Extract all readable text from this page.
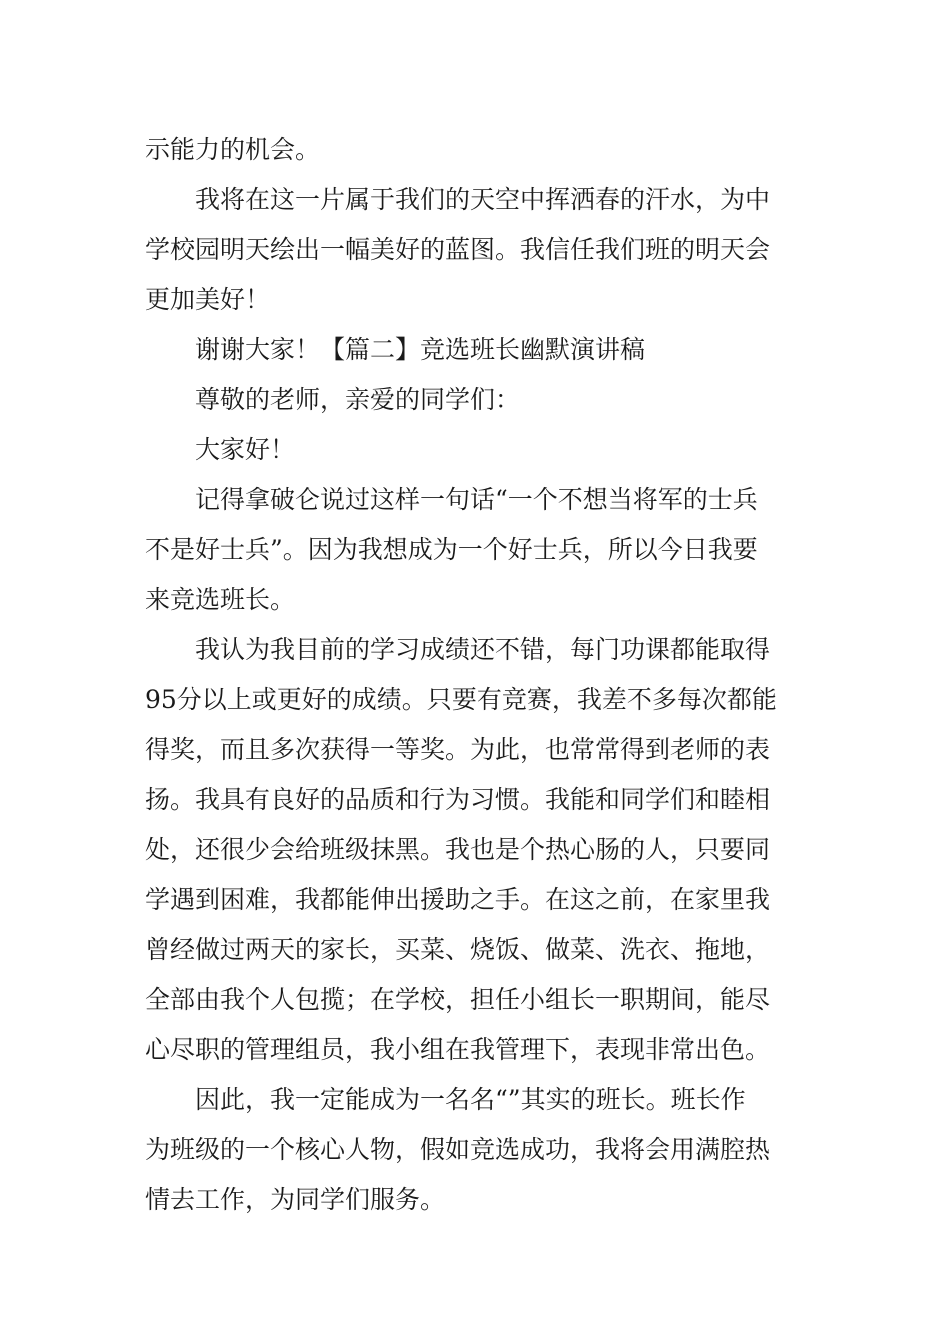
示能力的机会。
我将在这一片属于我们的天空中挥洒春的汗水，为中
学校园明天绘出一幅美好的蓝图。我信任我们班的明天会
更加美好！
谢谢大家！【篇二】竞选班长幽默演讲稿
尊敬的老师，亲爱的同学们：
大家好！
记得拿破仑说过这样一句话“一个不想当将军的士兵
不是好士兵”。因为我想成为一个好士兵，所以今日我要
来竞选班长。
我认为我目前的学习成绩还不错，每门功课都能取得
95分以上或更好的成绩。只要有竞赛，我差不多每次都能
得奖，而且多次获得一等奖。为此，也常常得到老师的表
扬。我具有良好的品质和行为习惯。我能和同学们和睦相
处，还很少会给班级抹黑。我也是个热心肠的人，只要同
学遇到困难，我都能伸出援助之手。在这之前，在家里我
曾经做过两天的家长，买菜、烧饭、做菜、洗衣、拖地，
全部由我个人包揽；在学校，担任小组长一职期间，能尽
心尽职的管理组员，我小组在我管理下，表现非常出色。
因此，我一定能成为一名名“”其实的班长。班长作
为班级的一个核心人物，假如竞选成功，我将会用满腔热
情去工作，为同学们服务。
